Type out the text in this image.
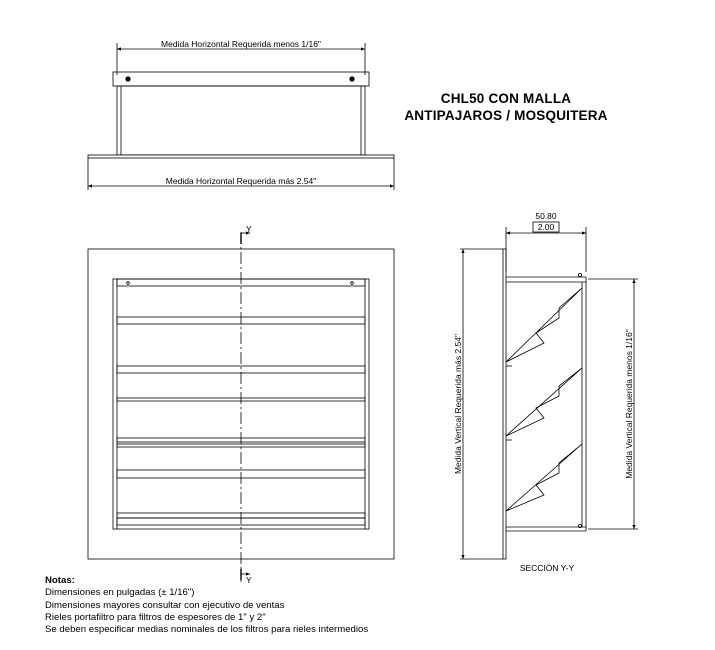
Medida Horizontal Requerida menos 1/16"
Medida Horizontal Requerida más 2.54"
Y
Y
50.80
2.00
Medida Vertical Requerida más 2.54"	Medida Vertical Requerida menos 1/16"
SECCIÓN Y-Y
CHL50 CON MALLA
ANTIPAJAROS / MOSQUITERA
Notas:
Dimensiones en pulgadas (± 1/16")
Dimensiones mayores consultar con ejecutivo de ventas
Rieles portafiltro para filtros de espesores de 1" y 2"
Se deben especificar medias nominales de los filtros para rieles intermedios
